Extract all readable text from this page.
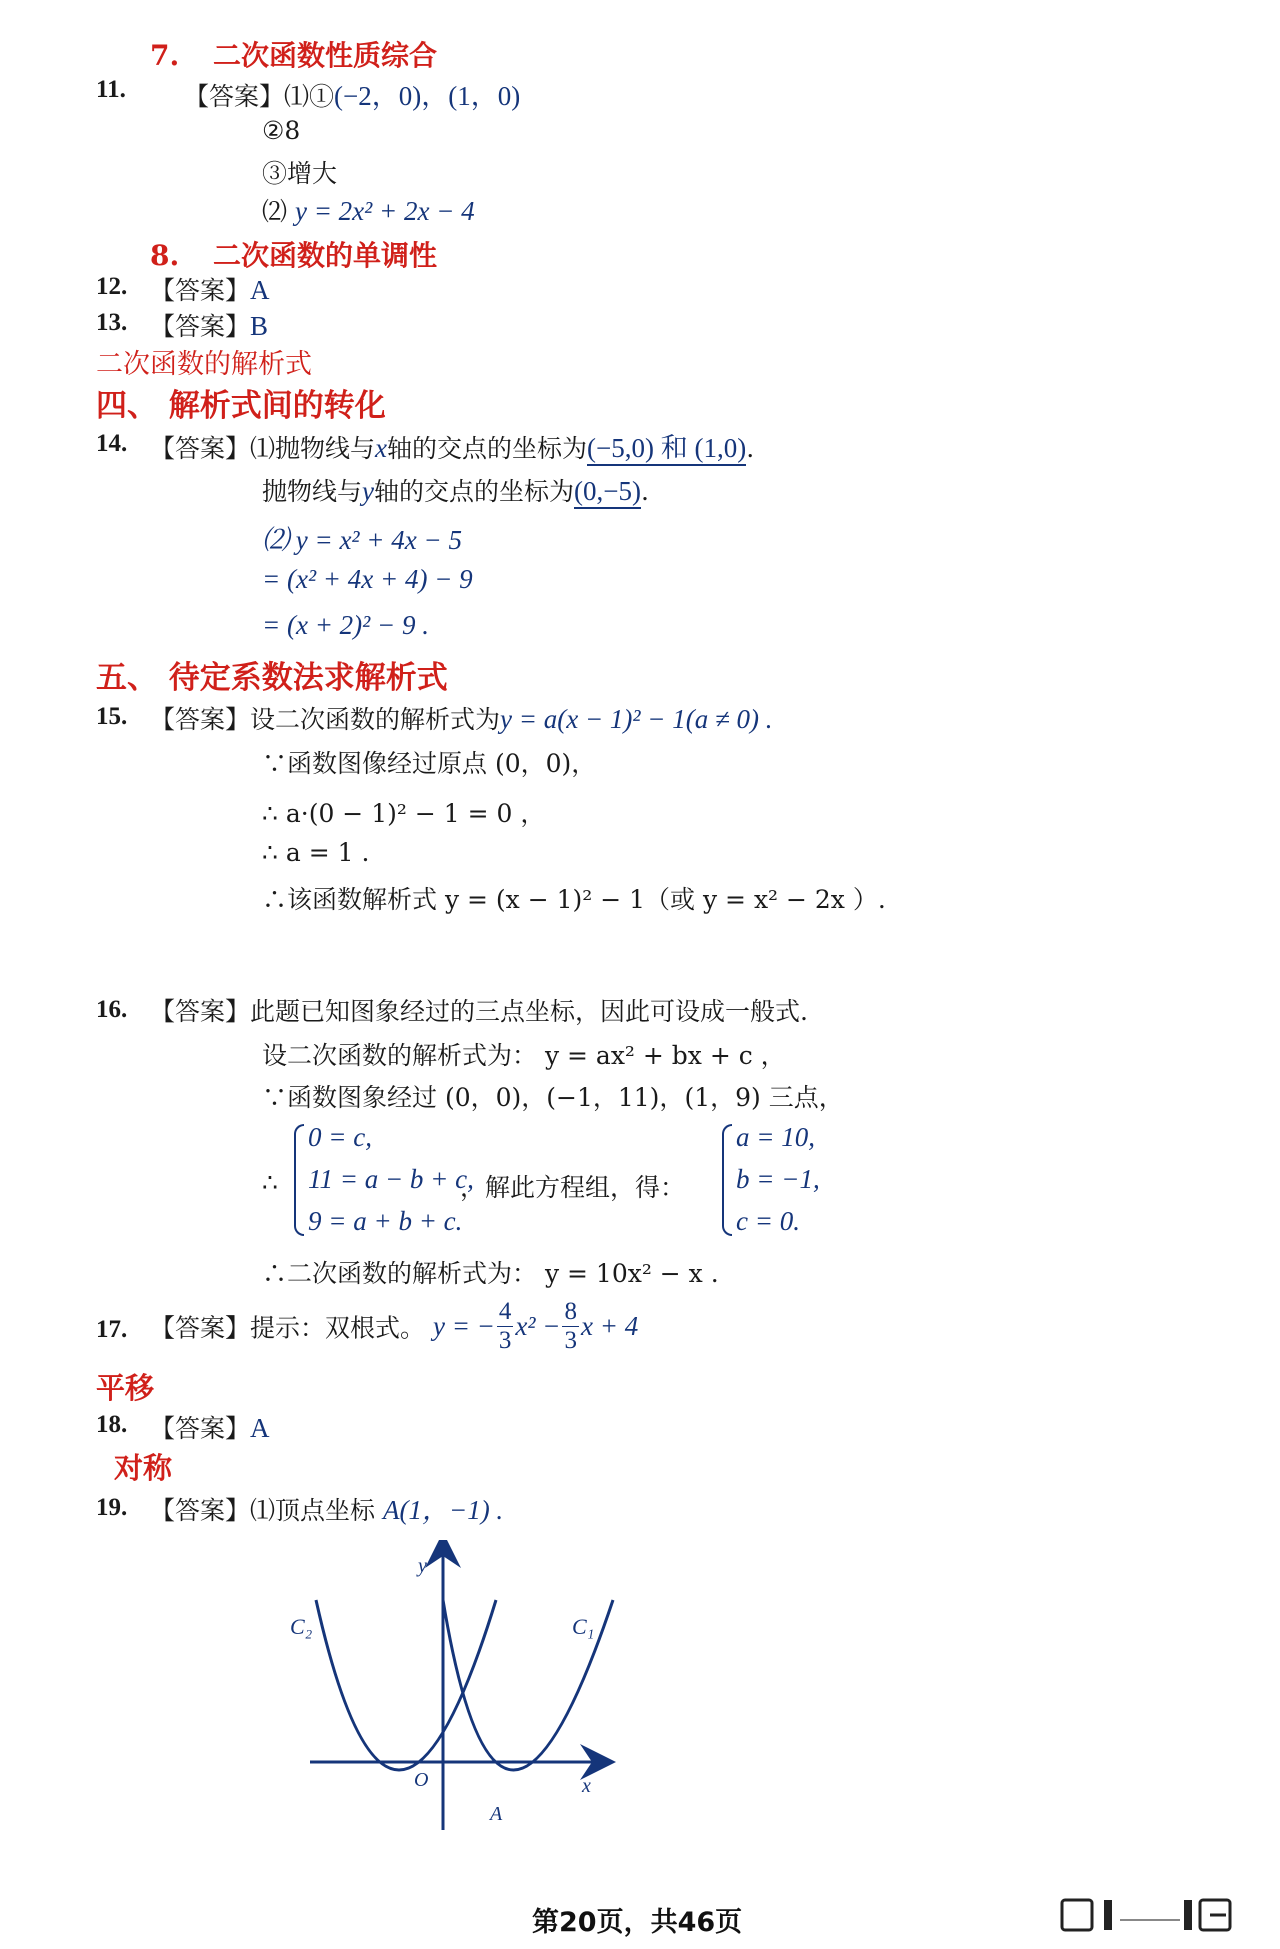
7. 二次函数性质综合
11. 【答案】⑴①(−2，0)，(1，0)
②8
③增大
⑵ y = 2x² + 2x − 4
8. 二次函数的单调性
12. 【答案】A
13. 【答案】B
二次函数的解析式
四、 解析式间的转化
14. 【答案】⑴抛物线与x轴的交点的坐标为(−5,0) 和 (1,0).
抛物线与y轴的交点的坐标为(0,−5).
⑵ y = x² + 4x − 5
= (x² + 4x + 4) − 9
= (x + 2)² − 9 .
五、 待定系数法求解析式
15. 【答案】设二次函数的解析式为y = a(x − 1)² − 1(a ≠ 0) .
∵函数图像经过原点 (0，0)，
∴ a·(0 − 1)² − 1 = 0 ，
∴ a = 1 .
∴该函数解析式 y = (x − 1)² − 1（或 y = x² − 2x ）.
16. 【答案】此题已知图象经过的三点坐标，因此可设成一般式.
设二次函数的解析式为： y = ax² + bx + c ，
∵函数图象经过 (0，0)，(−1，11)，(1，9) 三点，
∴
0 = c,
11 = a − b + c,
9 = a + b + c.
，解此方程组，得：
a = 10,
b = −1,
c = 0.
∴二次函数的解析式为： y = 10x² − x .
17. 【答案】提示：双根式。 y = − $\frac{4}{3} x^2 - \frac{8}{3}$ x + 4
平移
18. 【答案】A
对称
19. 【答案】⑴顶点坐标 A(1，−1) .
y
x
O
C₁
C₂
A
第20页，共46页
